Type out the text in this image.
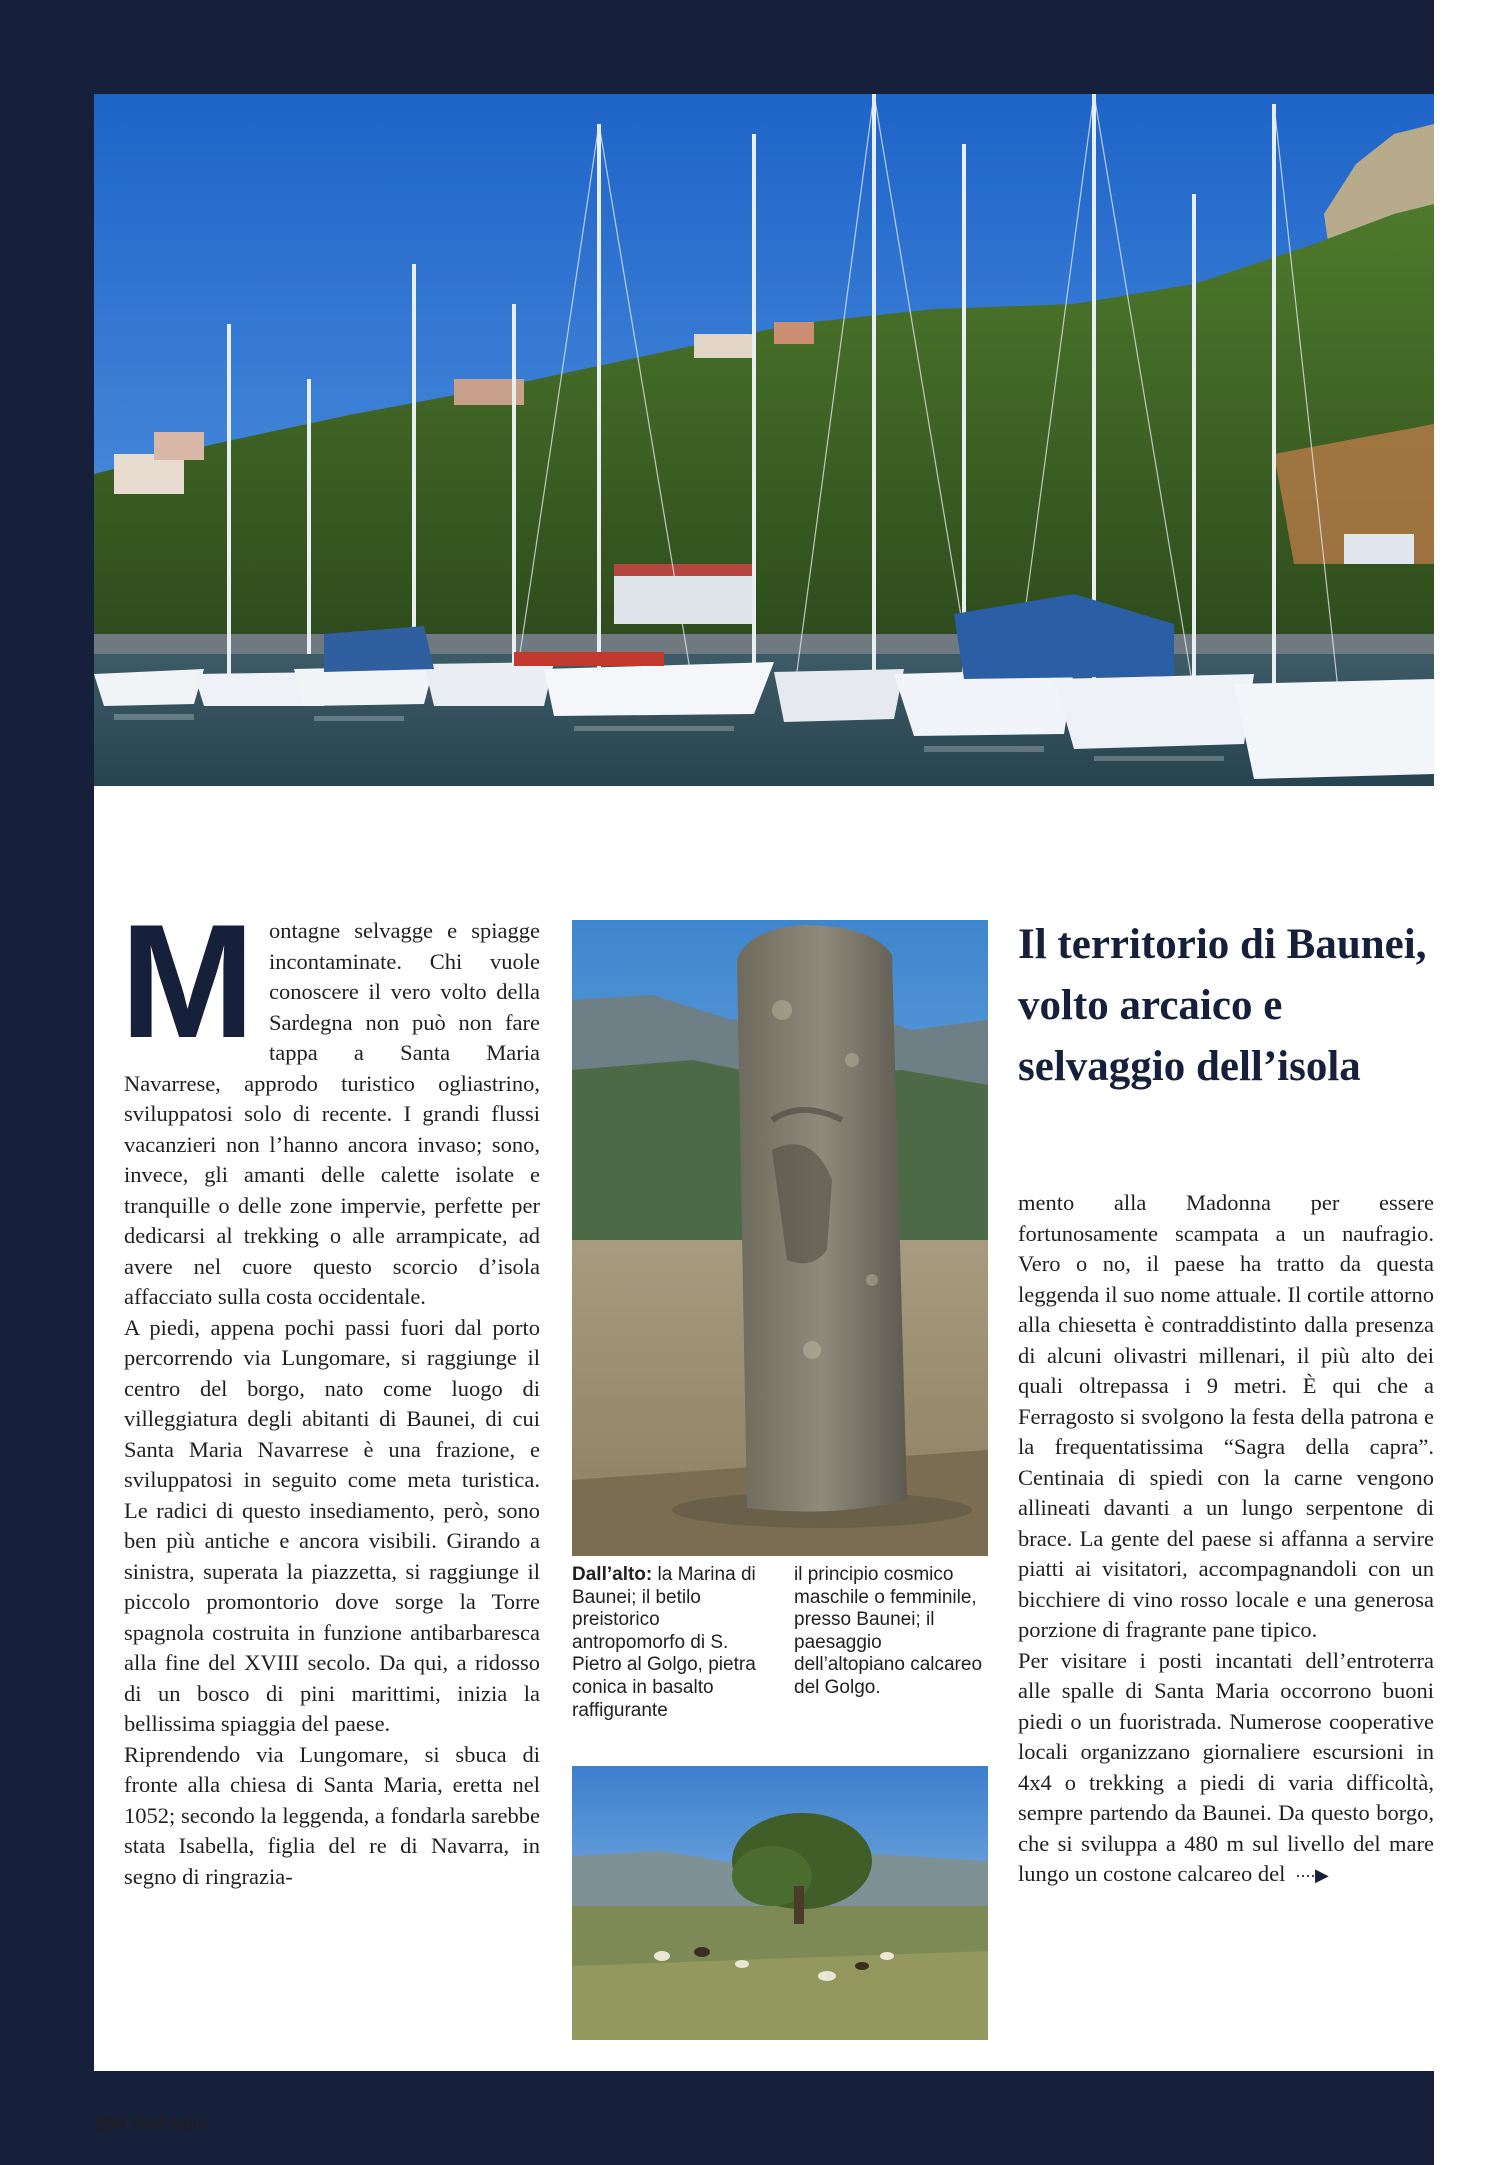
M ontagne selvagge e spiagge incontaminate. Chi vuole conoscere il vero volto della Sardegna non può non fare tappa a Santa Maria Navarrese, approdo turistico ogliastrino, sviluppatosi solo di recente. I grandi flussi vacanzieri non l’hanno ancora invaso; sono, invece, gli amanti delle calette isolate e tranquille o delle zone impervie, perfette per dedicarsi al trekking o alle arrampicate, ad avere nel cuore questo scorcio d’isola affacciato sulla costa occidentale.

A piedi, appena pochi passi fuori dal porto percorrendo via Lungomare, si raggiunge il centro del borgo, nato come luogo di villeggiatura degli abitanti di Baunei, di cui Santa Maria Navarrese è una frazione, e sviluppatosi in seguito come meta turistica. Le radici di questo insediamento, però, sono ben più antiche e ancora visibili. Girando a sinistra, superata la piazzetta, si raggiunge il piccolo promontorio dove sorge la Torre spagnola costruita in funzione antibarbaresca alla fine del XVIII secolo. Da qui, a ridosso di un bosco di pini marittimi, inizia la bellissima spiaggia del paese.

Riprendendo via Lungomare, si sbuca di fronte alla chiesa di Santa Maria, eretta nel 1052; secondo la leggenda, a fondarla sarebbe stata Isabella, figlia del re di Navarra, in segno di ringrazia-

Dall’alto: la Marina di Baunei; il betilo preistorico antropomorfo di S. Pietro al Golgo, pietra conica in basalto raffigurante
il principio cosmico maschile o femminile, presso Baunei; il paesaggio dell’altopiano calcareo del Golgo.
Il territorio di Baunei, volto arcaico e selvaggio dell’isola

mento alla Madonna per essere fortunosamente scampata a un naufragio. Vero o no, il paese ha tratto da questa leggenda il suo nome attuale. Il cortile attorno alla chiesetta è contraddistinto dalla presenza di alcuni olivastri millenari, il più alto dei quali oltrepassa i 9 metri. È qui che a Ferragosto si svolgono la festa della patrona e la frequentatissima “Sagra della capra”. Centinaia di spiedi con la carne vengono allineati davanti a un lungo serpentone di brace. La gente del paese si affanna a servire piatti ai visitatori, accompagnandoli con un bicchiere di vino rosso locale e una generosa porzione di fragrante pane tipico.

Per visitare i posti incantati dell’entroterra alle spalle di Santa Maria occorrono buoni piedi o un fuoristrada. Numerose cooperative locali organizzano giornaliere escursioni in 4x4 o trekking a piedi di varia difficoltà, sempre partendo da Baunei. Da questo borgo, che si sviluppa a 480 m sul livello del mare lungo un costone calcareo del ····▶

194 Bell’Italia
